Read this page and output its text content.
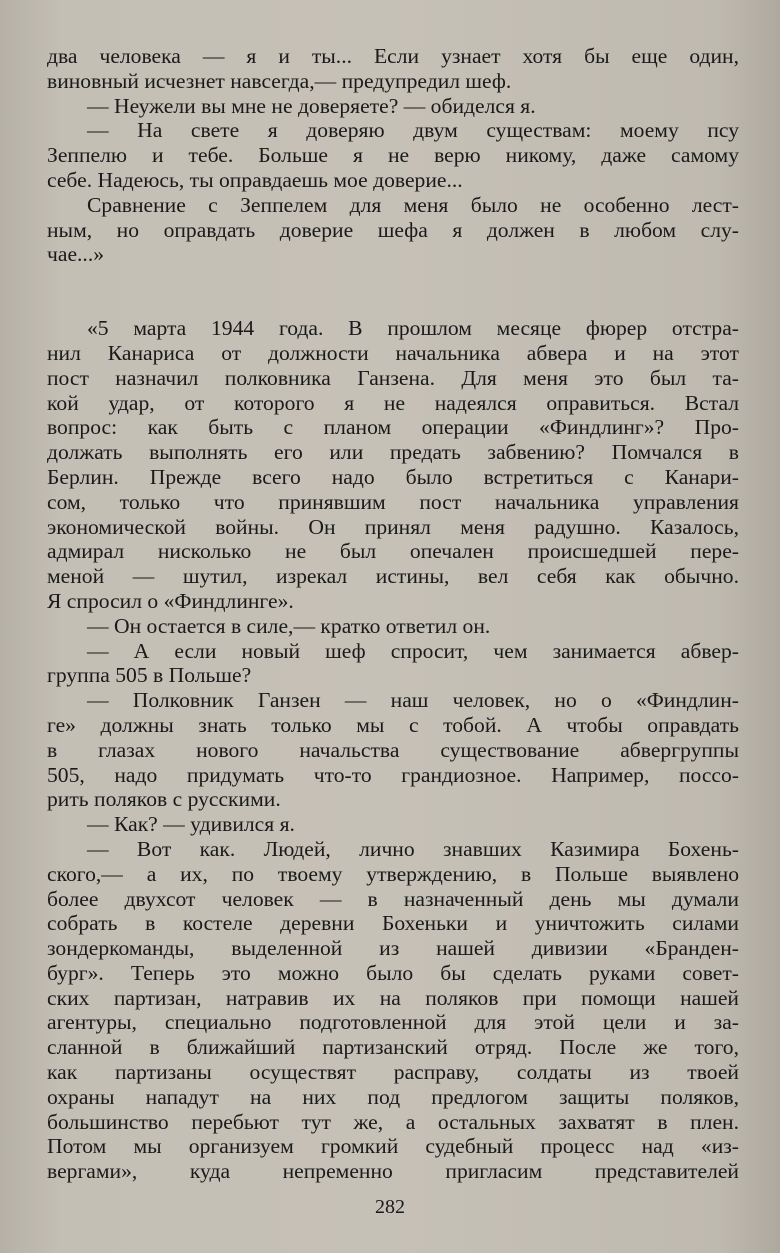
два человека — я и ты... Если узнает хотя бы еще один,
виновный исчезнет навсегда,— предупредил шеф.
— Неужели вы мне не доверяете? — обиделся я.
— На свете я доверяю двум существам: моему псу
Зеппелю и тебе. Больше я не верю никому, даже самому
себе. Надеюсь, ты оправдаешь мое доверие...
Сравнение с Зеппелем для меня было не особенно лест-
ным, но оправдать доверие шефа я должен в любом слу-
чае...»
«5 марта 1944 года. В прошлом месяце фюрер отстра-
нил Канариса от должности начальника абвера и на этот
пост назначил полковника Ганзена. Для меня это был та-
кой удар, от которого я не надеялся оправиться. Встал
вопрос: как быть с планом операции «Финдлинг»? Про-
должать выполнять его или предать забвению? Помчался в
Берлин. Прежде всего надо было встретиться с Канари-
сом, только что принявшим пост начальника управления
экономической войны. Он принял меня радушно. Казалось,
адмирал нисколько не был опечален происшедшей пере-
меной — шутил, изрекал истины, вел себя как обычно.
Я спросил о «Финдлинге».
— Он остается в силе,— кратко ответил он.
— А если новый шеф спросит, чем занимается абвер-
группа 505 в Польше?
— Полковник Ганзен — наш человек, но о «Финдлин-
ге» должны знать только мы с тобой. А чтобы оправдать
в глазах нового начальства существование абвергруппы
505, надо придумать что-то грандиозное. Например, поссо-
рить поляков с русскими.
— Как? — удивился я.
— Вот как. Людей, лично знавших Казимира Бохень-
ского,— а их, по твоему утверждению, в Польше выявлено
более двухсот человек — в назначенный день мы думали
собрать в костеле деревни Бохеньки и уничтожить силами
зондеркоманды, выделенной из нашей дивизии «Бранден-
бург». Теперь это можно было бы сделать руками совет-
ских партизан, натравив их на поляков при помощи нашей
агентуры, специально подготовленной для этой цели и за-
сланной в ближайший партизанский отряд. После же того,
как партизаны осуществят расправу, солдаты из твоей
охраны нападут на них под предлогом защиты поляков,
большинство перебьют тут же, а остальных захватят в плен.
Потом мы организуем громкий судебный процесс над «из-
вергами», куда непременно пригласим представителей
282
